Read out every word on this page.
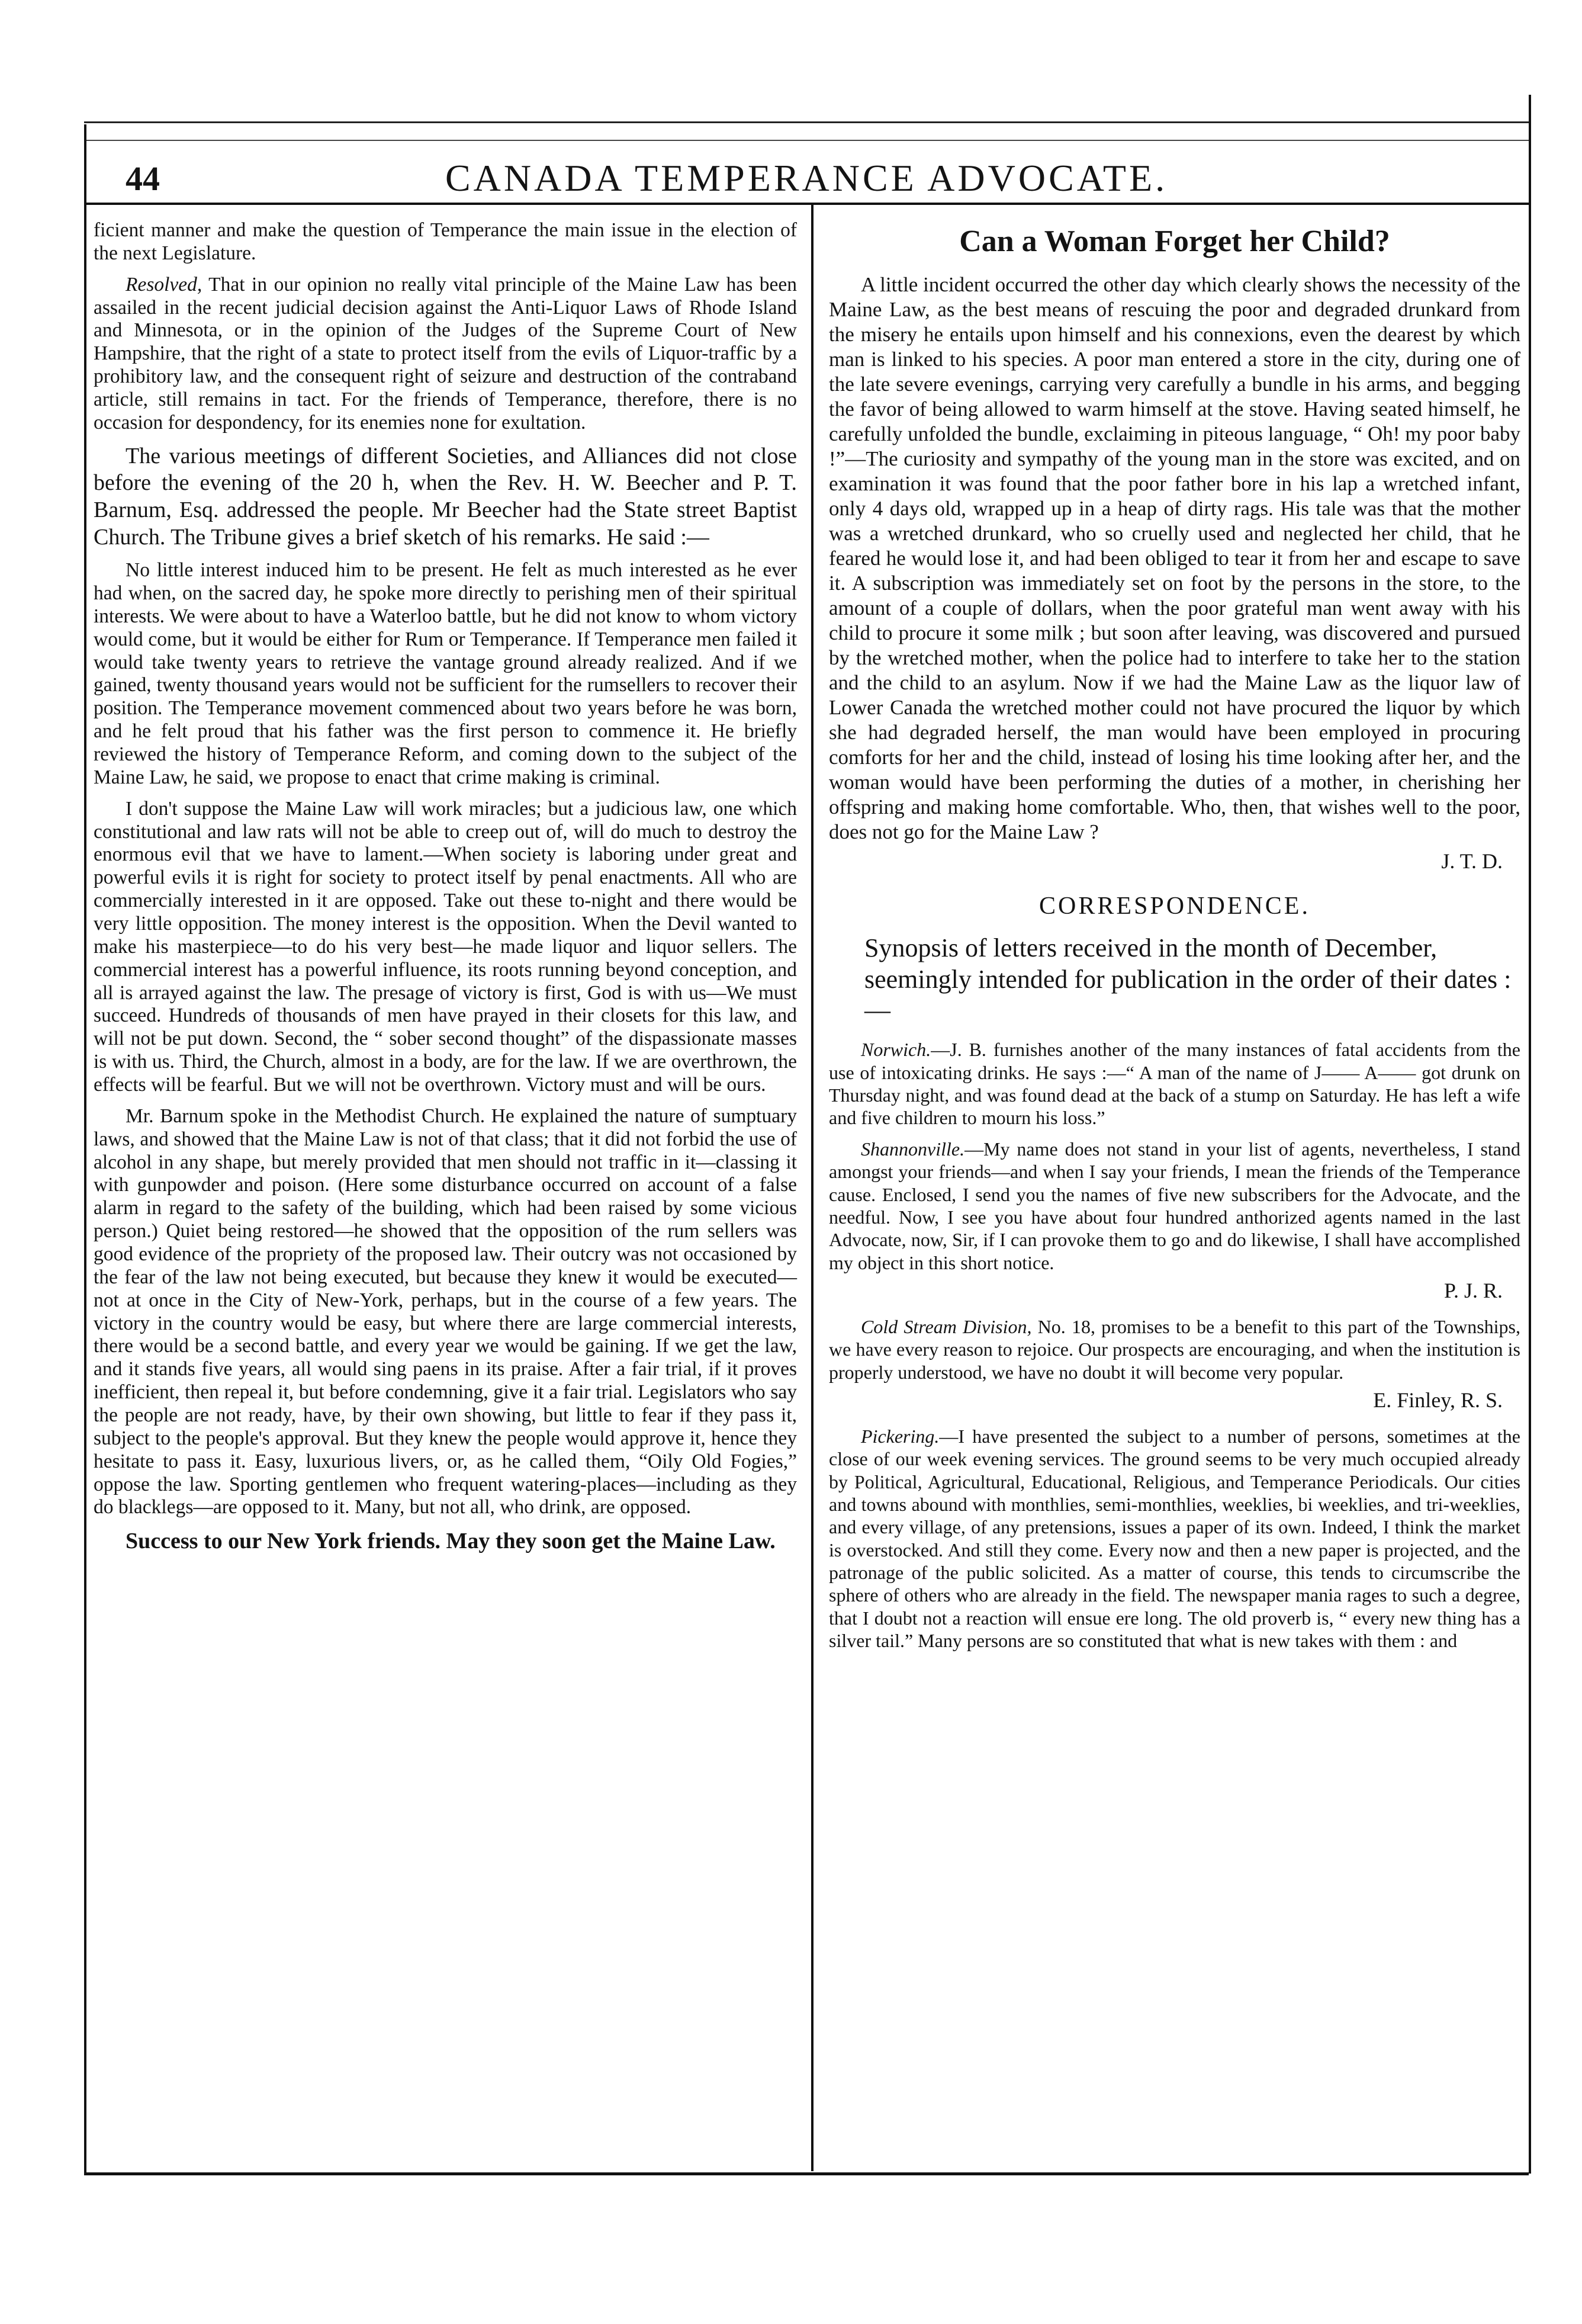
44	CANADA TEMPERANCE ADVOCATE.

ficient manner and make the question of Temperance the main issue in the election of the next Legislature.

Resolved, That in our opinion no really vital principle of the Maine Law has been assailed in the recent judicial decision against the Anti-Liquor Laws of Rhode Island and Minnesota, or in the opinion of the Judges of the Supreme Court of New Hampshire, that the right of a state to protect itself from the evils of Liquor-traffic by a prohibitory law, and the consequent right of seizure and destruction of the contraband article, still remains in tact. For the friends of Temperance, therefore, there is no occasion for despondency, for its enemies none for exultation.

The various meetings of different Societies, and Alliances did not close before the evening of the 20 h, when the Rev. H. W. Beecher and P. T. Barnum, Esq. addressed the people. Mr Beecher had the State street Baptist Church. The Tribune gives a brief sketch of his remarks. He said :—

No little interest induced him to be present. He felt as much interested as he ever had when, on the sacred day, he spoke more directly to perishing men of their spiritual interests. We were about to have a Waterloo battle, but he did not know to whom victory would come, but it would be either for Rum or Temperance. If Temperance men failed it would take twenty years to retrieve the vantage ground already realized. And if we gained, twenty thousand years would not be sufficient for the rumsellers to recover their position. The Temperance movement commenced about two years before he was born, and he felt proud that his father was the first person to commence it. He briefly reviewed the history of Temperance Reform, and coming down to the subject of the Maine Law, he said, we propose to enact that crime making is criminal.

I don't suppose the Maine Law will work miracles; but a judicious law, one which constitutional and law rats will not be able to creep out of, will do much to destroy the enormous evil that we have to lament.—When society is laboring under great and powerful evils it is right for society to protect itself by penal enactments. All who are commercially interested in it are opposed. Take out these to-night and there would be very little opposition. The money interest is the opposition. When the Devil wanted to make his masterpiece—to do his very best—he made liquor and liquor sellers. The commercial interest has a powerful influence, its roots running beyond conception, and all is arrayed against the law. The presage of victory is first, God is with us—We must succeed. Hundreds of thousands of men have prayed in their closets for this law, and will not be put down. Second, the “ sober second thought” of the dispassionate masses is with us. Third, the Church, almost in a body, are for the law. If we are overthrown, the effects will be fearful. But we will not be overthrown. Victory must and will be ours.

Mr. Barnum spoke in the Methodist Church. He explained the nature of sumptuary laws, and showed that the Maine Law is not of that class; that it did not forbid the use of alcohol in any shape, but merely provided that men should not traffic in it—classing it with gunpowder and poison. (Here some disturbance occurred on account of a false alarm in regard to the safety of the building, which had been raised by some vicious person.) Quiet being restored—he showed that the opposition of the rum sellers was good evidence of the propriety of the proposed law. Their outcry was not occasioned by the fear of the law not being executed, but because they knew it would be executed—not at once in the City of New-York, perhaps, but in the course of a few years. The victory in the country would be easy, but where there are large commercial interests, there would be a second battle, and every year we would be gaining. If we get the law, and it stands five years, all would sing paens in its praise. After a fair trial, if it proves inefficient, then repeal it, but before condemning, give it a fair trial. Legislators who say the people are not ready, have, by their own showing, but little to fear if they pass it, subject to the people's approval. But they knew the people would approve it, hence they hesitate to pass it. Easy, luxurious livers, or, as he called them, “Oily Old Fogies,” oppose the law. Sporting gentlemen who frequent watering-places—including as they do blacklegs—are opposed to it. Many, but not all, who drink, are opposed.

Success to our New York friends. May they soon get the Maine Law.

Can a Woman Forget her Child?

A little incident occurred the other day which clearly shows the necessity of the Maine Law, as the best means of rescuing the poor and degraded drunkard from the misery he entails upon himself and his connexions, even the dearest by which man is linked to his species. A poor man entered a store in the city, during one of the late severe evenings, carrying very carefully a bundle in his arms, and begging the favor of being allowed to warm himself at the stove. Having seated himself, he carefully unfolded the bundle, exclaiming in piteous language, “ Oh! my poor baby !”—The curiosity and sympathy of the young man in the store was excited, and on examination it was found that the poor father bore in his lap a wretched infant, only 4 days old, wrapped up in a heap of dirty rags. His tale was that the mother was a wretched drunkard, who so cruelly used and neglected her child, that he feared he would lose it, and had been obliged to tear it from her and escape to save it. A subscription was immediately set on foot by the persons in the store, to the amount of a couple of dollars, when the poor grateful man went away with his child to procure it some milk ; but soon after leaving, was discovered and pursued by the wretched mother, when the police had to interfere to take her to the station and the child to an asylum. Now if we had the Maine Law as the liquor law of Lower Canada the wretched mother could not have procured the liquor by which she had degraded herself, the man would have been employed in procuring comforts for her and the child, instead of losing his time looking after her, and the woman would have been performing the duties of a mother, in cherishing her offspring and making home comfortable. Who, then, that wishes well to the poor, does not go for the Maine Law ?

J. T. D.

CORRESPONDENCE.

Synopsis of letters received in the month of December, seemingly intended for publication in the order of their dates :—

Norwich.—J. B. furnishes another of the many instances of fatal accidents from the use of intoxicating drinks. He says :—“ A man of the name of J—— A—— got drunk on Thursday night, and was found dead at the back of a stump on Saturday. He has left a wife and five children to mourn his loss.”

Shannonville.—My name does not stand in your list of agents, nevertheless, I stand amongst your friends—and when I say your friends, I mean the friends of the Temperance cause. Enclosed, I send you the names of five new subscribers for the Advocate, and the needful. Now, I see you have about four hundred anthorized agents named in the last Advocate, now, Sir, if I can provoke them to go and do likewise, I shall have accomplished my object in this short notice.

P. J. R.

Cold Stream Division, No. 18, promises to be a benefit to this part of the Townships, we have every reason to rejoice. Our prospects are encouraging, and when the institution is properly understood, we have no doubt it will become very popular.

E. Finley, R. S.

Pickering.—I have presented the subject to a number of persons, sometimes at the close of our week evening services. The ground seems to be very much occupied already by Political, Agricultural, Educational, Religious, and Temperance Periodicals. Our cities and towns abound with monthlies, semi-monthlies, weeklies, bi weeklies, and tri-weeklies, and every village, of any pretensions, issues a paper of its own. Indeed, I think the market is overstocked. And still they come. Every now and then a new paper is projected, and the patronage of the public solicited. As a matter of course, this tends to circumscribe the sphere of others who are already in the field. The newspaper mania rages to such a degree, that I doubt not a reaction will ensue ere long. The old proverb is, “ every new thing has a silver tail.” Many persons are so constituted that what is new takes with them : and
